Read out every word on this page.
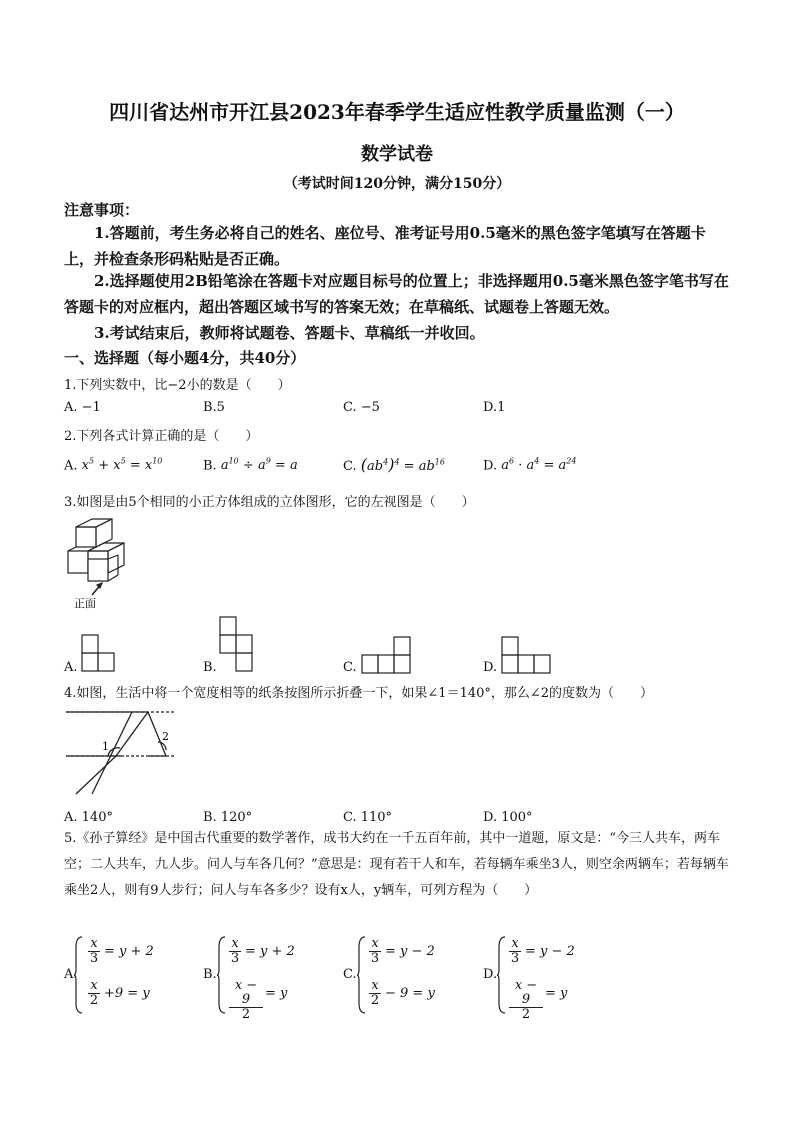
四川省达州市开江县2023年春季学生适应性教学质量监测（一）
数学试卷
（考试时间120分钟，满分150分）
注意事项：
1.答题前，考生务必将自己的姓名、座位号、准考证号用0.5毫米的黑色签字笔填写在答题卡上，并检查条形码粘贴是否正确。
2.选择题使用2B铅笔涂在答题卡对应题目标号的位置上；非选择题用0.5毫米黑色签字笔书写在答题卡的对应框内，超出答题区域书写的答案无效；在草稿纸、试题卷上答题无效。
3.考试结束后，教师将试题卷、答题卡、草稿纸一并收回。
一、选择题（每小题4分，共40分）
1.下列实数中，比−2小的数是（　　）
A. −1	B.5	C. −5	D.1
2.下列各式计算正确的是（　　）
A. $x^5 + x^5 = x^{10}$	B. $a^{10} \div a^9 = a$	C. $(ab^4)^4 = ab^{16}$	D. $a^6 \cdot a^4 = a^{24}$
3.如图是由5个相同的小正方体组成的立体图形，它的左视图是（　　）
正面
A.	B.	C.	D.
4.如图，生活中将一个宽度相等的纸条按图所示折叠一下，如果∠1＝140°，那么∠2的度数为（　　）
1
2
A. 140°	B. 120°	C. 110°	D. 100°
5.《孙子算经》是中国古代重要的数学著作，成书大约在一千五百年前，其中一道题，原文是：“今三人共车，两车空；二人共车，九人步。问人与车各几何？”意思是：现有若干人和车，若每辆车乘坐3人，则空余两辆车；若每辆车乘坐2人，则有9人步行；问人与车各多少？设有x人，y辆车，可列方程为（　　）
A.
x
3 = y + 2
x
2 +9 = y
B.
x
3 = y + 2
x − 9
2
= y
C.
x
3 = y − 2
x
2 − 9 = y
D.
x
3 = y − 2
x − 9
2
= y
